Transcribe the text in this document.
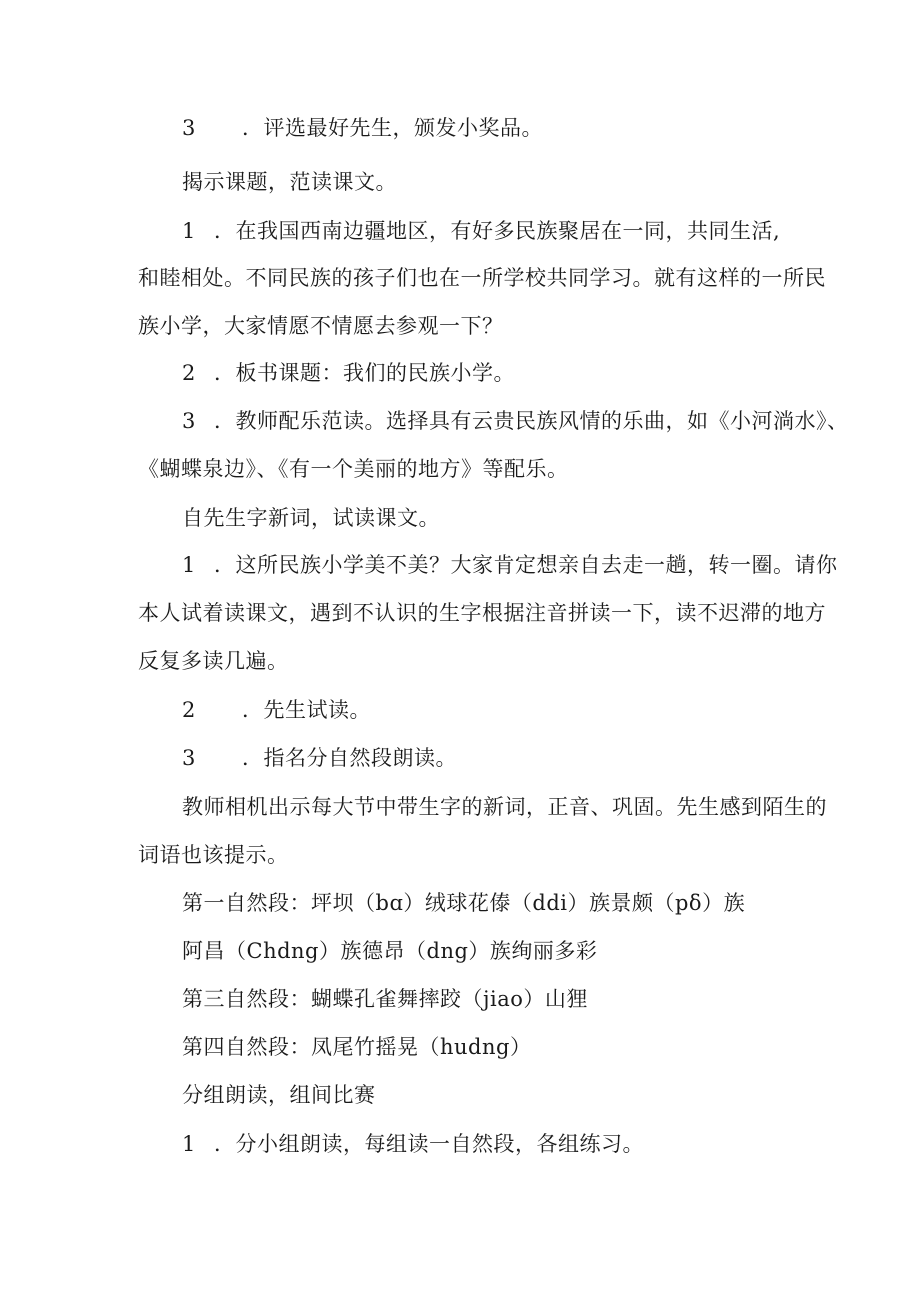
3 ．评选最好先生，颁发小奖品。
揭示课题，范读课文。
1 ．在我国西南边疆地区，有好多民族聚居在一同，共同生活,
和睦相处。不同民族的孩子们也在一所学校共同学习。就有这样的一所民
族小学，大家情愿不情愿去参观一下？
2 ．板书课题：我们的民族小学。
3 ．教师配乐范读。选择具有云贵民族风情的乐曲，如《小河淌水》、
《蝴蝶泉边》、《有一个美丽的地方》等配乐。
自先生字新词，试读课文。
1 ．这所民族小学美不美？大家肯定想亲自去走一趟，转一圈。请你
本人试着读课文，遇到不认识的生字根据注音拼读一下，读不迟滞的地方
反复多读几遍。
2 ．先生试读。
3 ．指名分自然段朗读。
教师相机出示每大节中带生字的新词，正音、巩固。先生感到陌生的
词语也该提示。
第一自然段：坪坝（bɑ）绒球花傣（ddi）族景颇（pδ）族
阿昌（Chdng）族德昂（dng）族绚丽多彩
第三自然段：蝴蝶孔雀舞摔跤（jiao）山狸
第四自然段：凤尾竹摇晃（hudng）
分组朗读，组间比赛
1 ．分小组朗读，每组读一自然段，各组练习。
